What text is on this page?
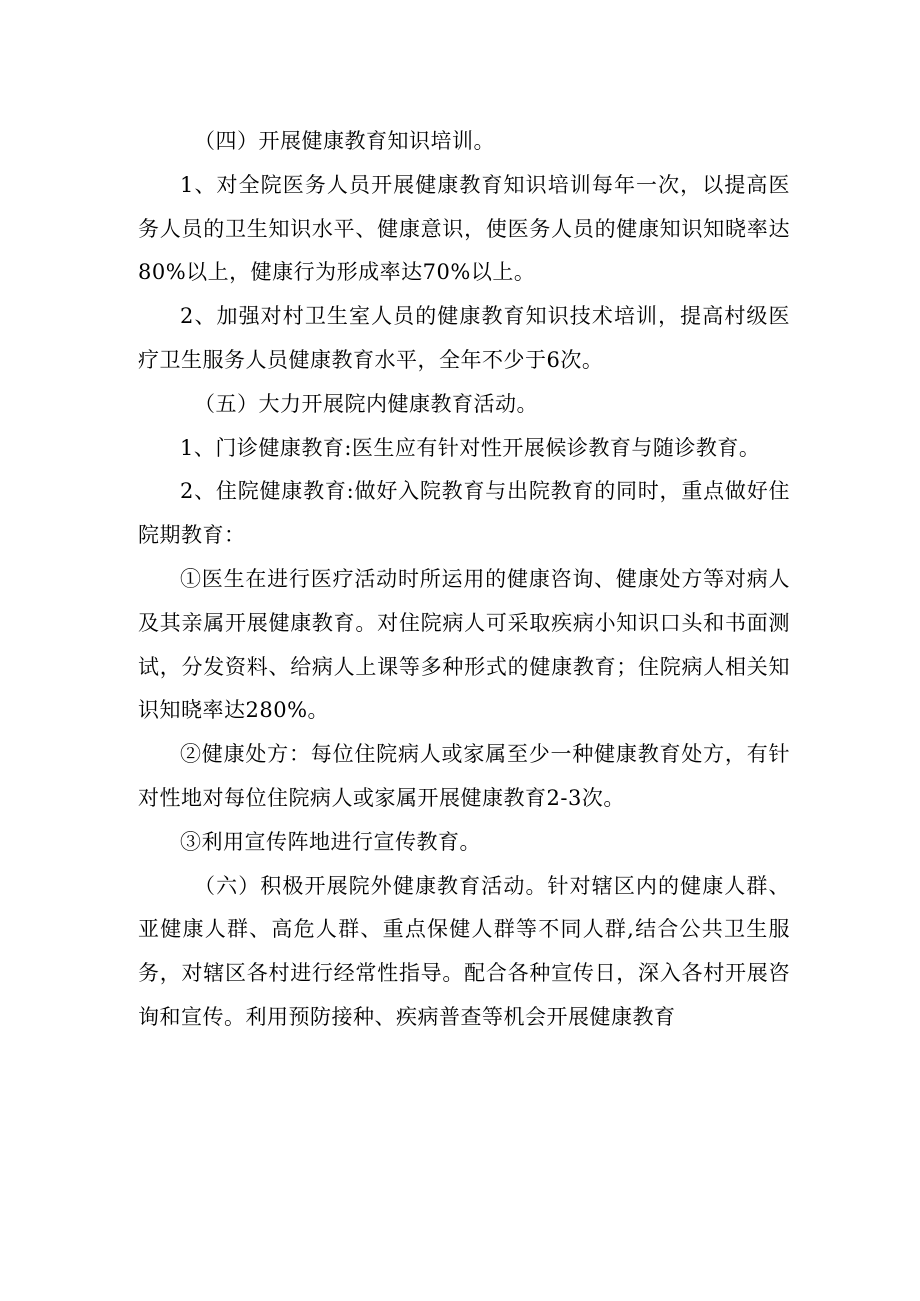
（四）开展健康教育知识培训。

1、对全院医务人员开展健康教育知识培训每年一次，以提高医务人员的卫生知识水平、健康意识，使医务人员的健康知识知晓率达80%以上，健康行为形成率达70%以上。

2、加强对村卫生室人员的健康教育知识技术培训，提高村级医疗卫生服务人员健康教育水平，全年不少于6次。

（五）大力开展院内健康教育活动。

1、门诊健康教育:医生应有针对性开展候诊教育与随诊教育。

2、住院健康教育:做好入院教育与出院教育的同时，重点做好住院期教育：

①医生在进行医疗活动时所运用的健康咨询、健康处方等对病人及其亲属开展健康教育。对住院病人可采取疾病小知识口头和书面测试，分发资料、给病人上课等多种形式的健康教育；住院病人相关知识知晓率达280%。

②健康处方：每位住院病人或家属至少一种健康教育处方，有针对性地对每位住院病人或家属开展健康教育2-3次。

③利用宣传阵地进行宣传教育。

（六）积极开展院外健康教育活动。针对辖区内的健康人群、亚健康人群、高危人群、重点保健人群等不同人群,结合公共卫生服务，对辖区各村进行经常性指导。配合各种宣传日，深入各村开展咨询和宣传。利用预防接种、疾病普查等机会开展健康教育
